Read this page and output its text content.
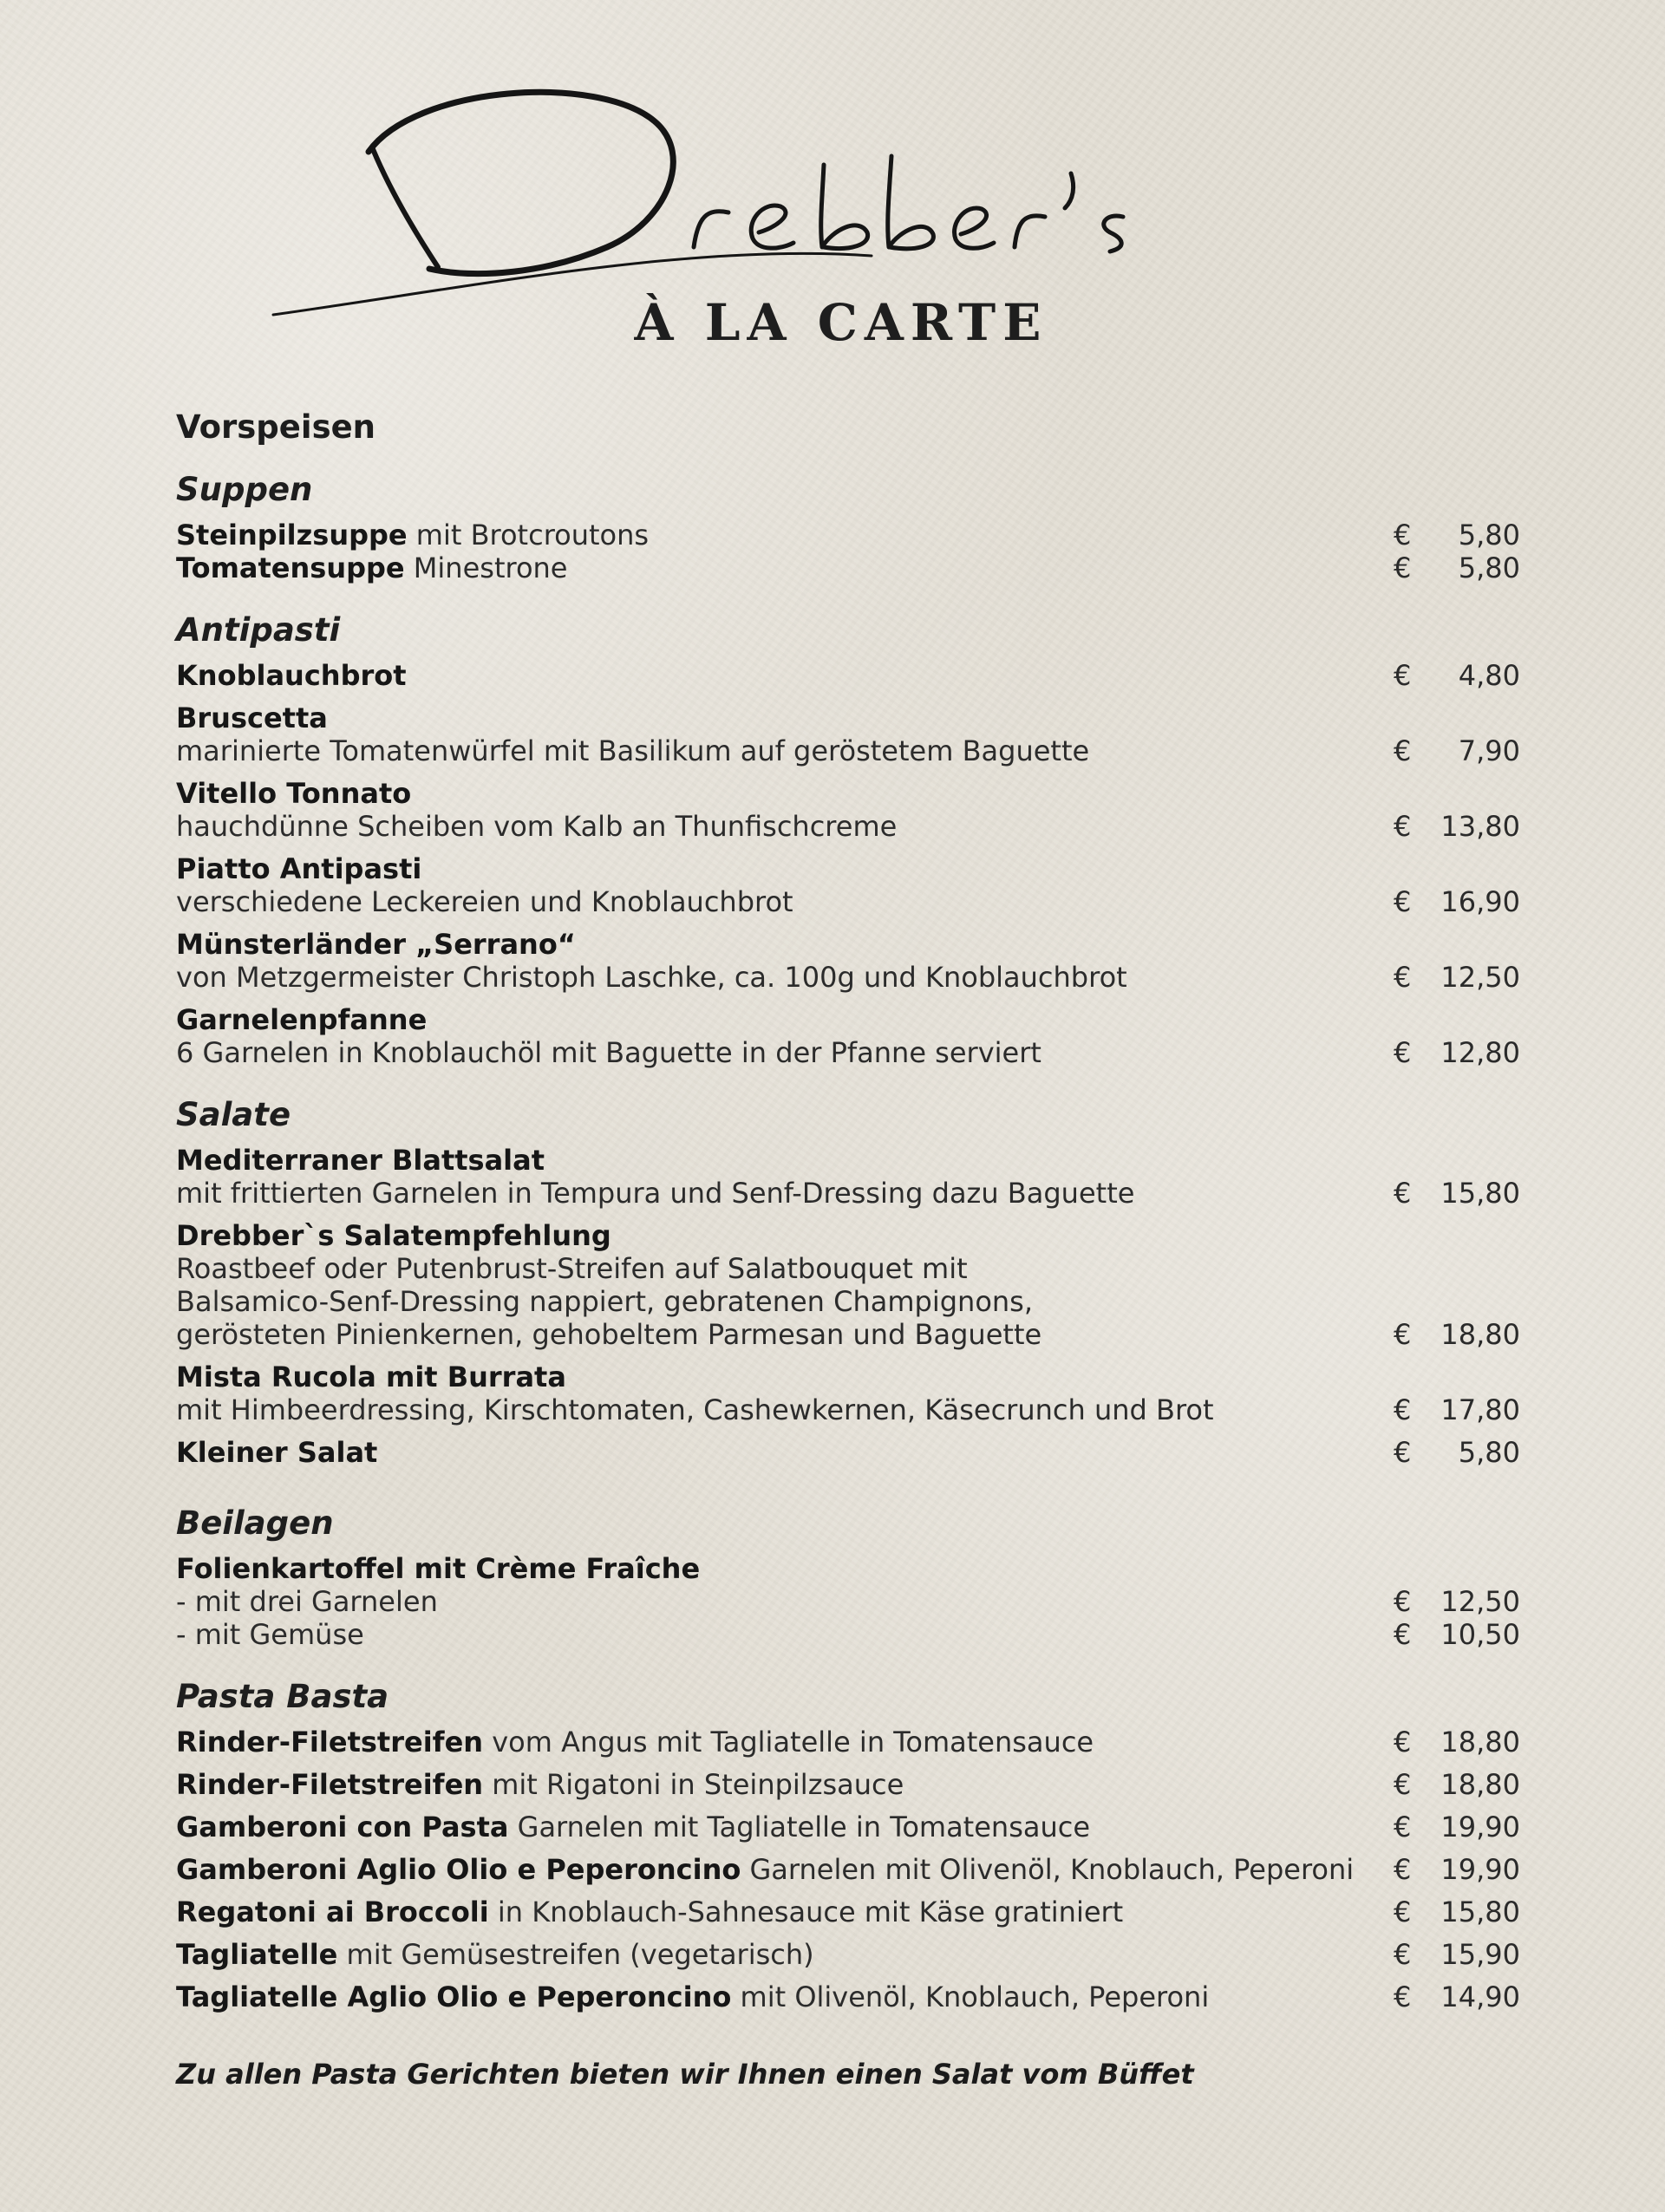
À LA CARTE
Vorspeisen
Suppen
Steinpilzsuppe mit Brotcroutons	€	5,80
Tomatensuppe Minestrone	€	5,80
Antipasti
Knoblauchbrot	€	4,80
Bruscetta
marinierte Tomatenwürfel mit Basilikum auf geröstetem Baguette	€	7,90
Vitello Tonnato
hauchdünne Scheiben vom Kalb an Thunfischcreme	€	13,80
Piatto Antipasti
verschiedene Leckereien und Knoblauchbrot	€	16,90
Münsterländer „Serrano“
von Metzgermeister Christoph Laschke, ca. 100g und Knoblauchbrot	€	12,50
Garnelenpfanne
6 Garnelen in Knoblauchöl mit Baguette in der Pfanne serviert	€	12,80
Salate
Mediterraner Blattsalat
mit frittierten Garnelen in Tempura und Senf-Dressing dazu Baguette	€	15,80
Drebber`s Salatempfehlung
Roastbeef oder Putenbrust-Streifen auf Salatbouquet mit
Balsamico-Senf-Dressing nappiert, gebratenen Champignons,
gerösteten Pinienkernen, gehobeltem Parmesan und Baguette	€	18,80
Mista Rucola mit Burrata
mit Himbeerdressing, Kirschtomaten, Cashewkernen, Käsecrunch und Brot	€	17,80
Kleiner Salat	€	5,80
Beilagen
Folienkartoffel mit Crème Fraîche
- mit drei Garnelen	€	12,50
- mit Gemüse	€	10,50
Pasta Basta
Rinder-Filetstreifen vom Angus mit Tagliatelle in Tomatensauce	€	18,80
Rinder-Filetstreifen mit Rigatoni in Steinpilzsauce	€	18,80
Gamberoni con Pasta Garnelen mit Tagliatelle in Tomatensauce	€	19,90
Gamberoni Aglio Olio e Peperoncino Garnelen mit Olivenöl, Knoblauch, Peperoni €	19,90
Regatoni ai Broccoli in Knoblauch-Sahnesauce mit Käse gratiniert	€	15,80
Tagliatelle mit Gemüsestreifen (vegetarisch)	€	15,90
Tagliatelle Aglio Olio e Peperoncino mit Olivenöl, Knoblauch, Peperoni	€	14,90
Zu allen Pasta Gerichten bieten wir Ihnen einen Salat vom Büffet
